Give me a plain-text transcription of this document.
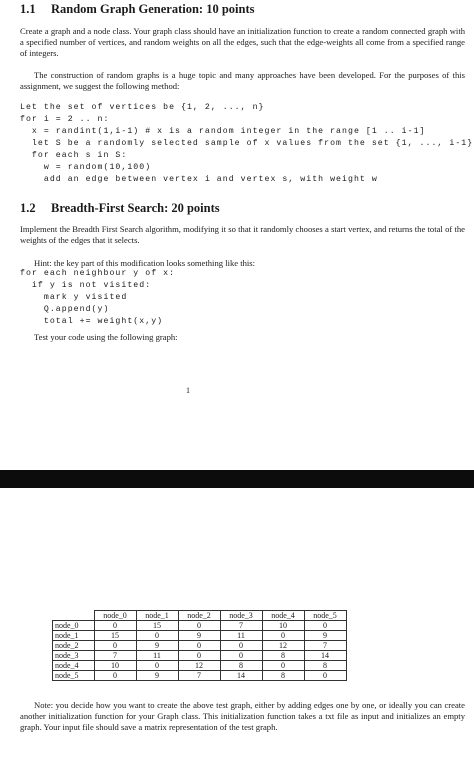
1.1 Random Graph Generation: 10 points
Create a graph and a node class. Your graph class should have an initialization function to create a random connected graph with a specified number of vertices, and random weights on all the edges, such that the edge-weights all come from a specified range of integers.
The construction of random graphs is a huge topic and many approaches have been developed. For the purposes of this assignment, we suggest the following method:
Let the set of vertices be {1, 2, ..., n}
for i = 2 .. n:
x = randint(1,i-1) # x is a random integer in the range [1 .. i-1]
let S be a randomly selected sample of x values from the set {1, ..., i-1}
for each s in S:
w = random(10,100)
add an edge between vertex i and vertex s, with weight w
1.2 Breadth-First Search: 20 points
Implement the Breadth First Search algorithm, modifying it so that it randomly chooses a start vertex, and returns the total of the weights of the edges that it selects.
Hint: the key part of this modification looks something like this:
for each neighbour y of x:
if y is not visited:
mark y visited
Q.append(y)
total += weight(x,y)
Test your code using the following graph:
1
	node_0	node_1	node_2	node_3	node_4	node_5
node_0	0	15	0	7	10	0
node_1	15	0	9	11	0	9
node_2	0	9	0	0	12	7
node_3	7	11	0	0	8	14
node_4	10	0	12	8	0	8
node_5	0	9	7	14	8	0
Note: you decide how you want to create the above test graph, either by adding edges one by one, or ideally you can create another initialization function for your Graph class. This initialization function takes a txt file as input and initializes an empty graph. Your input file should save a matrix representation of the test graph.
